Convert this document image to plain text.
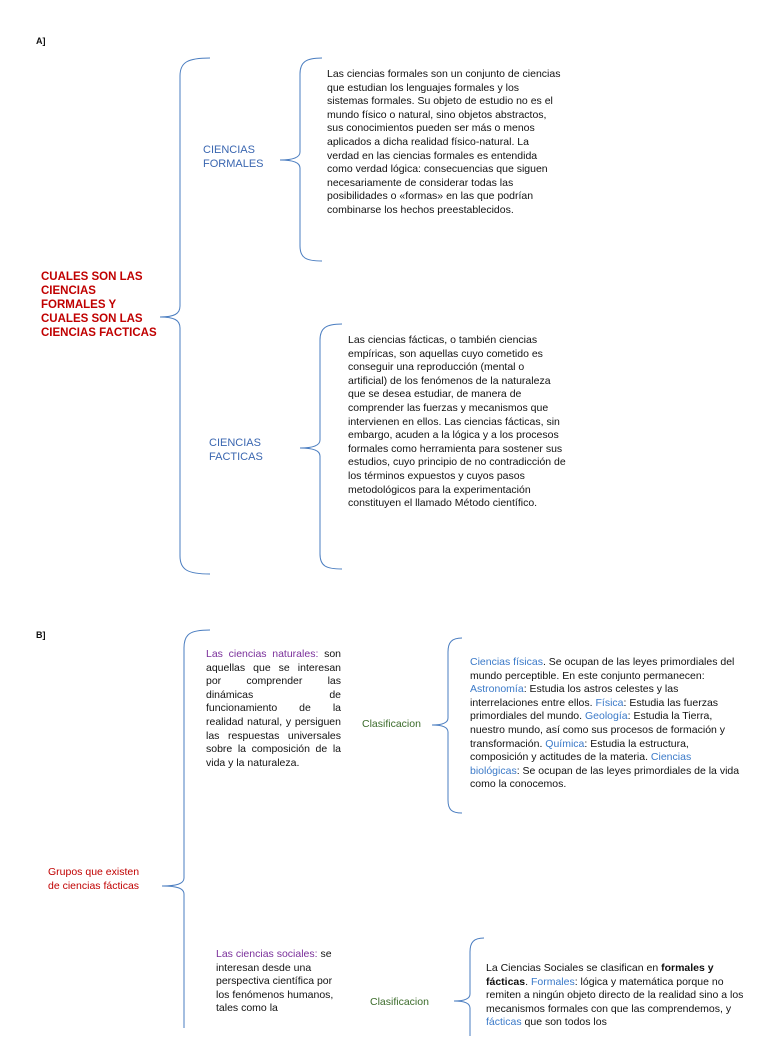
A]
CUALES SON LAS CIENCIAS FORMALES Y CUALES SON LAS CIENCIAS FACTICAS
CIENCIAS FORMALES
Las ciencias formales son un conjunto de ciencias que estudian los lenguajes formales y los sistemas formales. Su objeto de estudio no es el mundo físico o natural, sino objetos abstractos, sus conocimientos pueden ser más o menos aplicados a dicha realidad físico-natural. La verdad en las ciencias formales es entendida como verdad lógica: consecuencias que siguen necesariamente de considerar todas las posibilidades o «formas» en las que podrían combinarse los hechos preestablecidos.
CIENCIAS FACTICAS
Las ciencias fácticas, o también ciencias empíricas, son aquellas cuyo cometido es conseguir una reproducción (mental o artificial) de los fenómenos de la naturaleza que se desea estudiar, de manera de comprender las fuerzas y mecanismos que intervienen en ellos. Las ciencias fácticas, sin embargo, acuden a la lógica y a los procesos formales como herramienta para sostener sus estudios, cuyo principio de no contradicción de los términos expuestos y cuyos pasos metodológicos para la experimentación constituyen el llamado Método científico.
B]
Grupos que existen de ciencias fácticas
Las ciencias naturales: son aquellas que se interesan por comprender las dinámicas de funcionamiento de la realidad natural, y persiguen las respuestas universales sobre la composición de la vida y la naturaleza.
Clasificacion
Ciencias físicas. Se ocupan de las leyes primordiales del mundo perceptible. En este conjunto permanecen: Astronomía: Estudia los astros celestes y las interrelaciones entre ellos. Física: Estudia las fuerzas primordiales del mundo. Geología: Estudia la Tierra, nuestro mundo, así como sus procesos de formación y transformación. Química: Estudia la estructura, composición y actitudes de la materia. Ciencias biológicas: Se ocupan de las leyes primordiales de la vida como la conocemos.
Las ciencias sociales: se interesan desde una perspectiva científica por los fenómenos humanos, tales como la
Clasificacion
La Ciencias Sociales se clasifican en formales y fácticas. Formales: lógica y matemática porque no remiten a ningún objeto directo de la realidad sino a los mecanismos formales con que las comprendemos, y fácticas que son todos los
